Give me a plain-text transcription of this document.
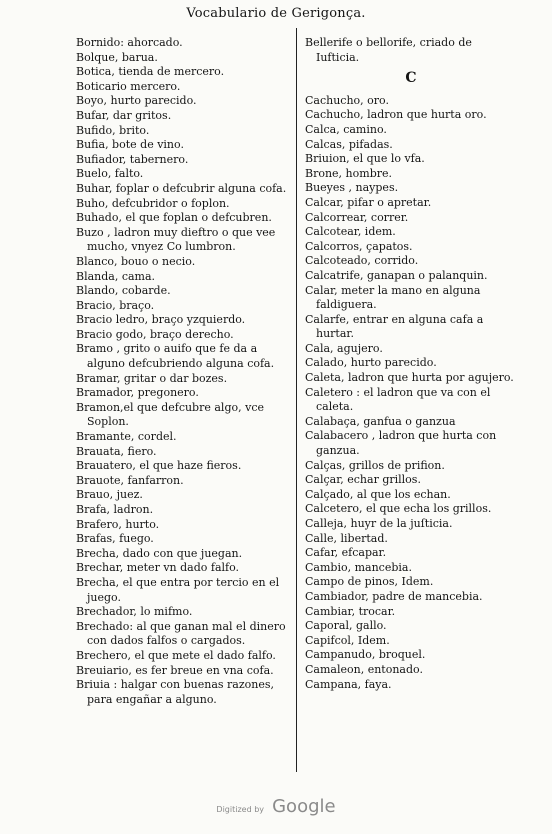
Vocabulario de Gerigonça.

Bornido: ahorcado.

Bolque, barua.

Botica, tienda de mercero.

Boticario mercero.

Boyo, hurto parecido.

Bufar, dar gritos.

Bufido, brito.

Bufia, bote de vino.

Bufiador, tabernero.

Buelo, falto.

Buhar, foplar o defcubrir alguna cofa.

Buho, defcubridor o foplon.

Buhado, el que foplan o defcubren.

Buzo , ladron muy dieftro o que vee mucho, vnyez Co lumbron.

Blanco, bouo o necio.

Blanda, cama.

Blando, cobarde.

Bracio, braço.

Bracio ledro, braço yzquierdo.

Bracio godo, braço derecho.

Bramo , grito o auifo que fe da a alguno defcubriendo alguna cofa.

Bramar, gritar o dar bozes.

Bramador, pregonero.

Bramon,el que defcubre algo, vce Soplon.

Bramante, cordel.

Brauata, fiero.

Brauatero, el que haze fieros.

Brauote, fanfarron.

Brauo, juez.

Brafa, ladron.

Brafero, hurto.

Brafas, fuego.

Brecha, dado con que juegan.

Brechar, meter vn dado falfo.

Brecha, el que entra por tercio en el juego.

Brechador, lo mifmo.

Brechado: al que ganan mal el dinero con dados falfos o cargados.

Brechero, el que mete el dado falfo.

Breuiario, es fer breue en vna cofa.

Briuia : halgar con buenas razones, para engañar a alguno.

Bellerife o bellorife, criado de Iufticia.

C

Cachucho, oro.

Cachucho, ladron que hurta oro.

Calca, camino.

Calcas, pifadas.

Briuion, el que lo vfa.

Brone, hombre.

Bueyes , naypes.

Calcar, pifar o apretar.

Calcorrear, correr.

Calcotear, idem.

Calcorros, çapatos.

Calcoteado, corrido.

Calcatrife, ganapan o palanquin.

Calar, meter la mano en alguna faldiguera.

Calarfe, entrar en alguna cafa a hurtar.

Cala, agujero.

Calado, hurto parecido.

Caleta, ladron que hurta por agujero.

Caletero : el ladron que va con el caleta.

Calabaça, ganfua o ganzua

Calabacero , ladron que hurta con ganzua.

Calças, grillos de prifion.

Calçar, echar grillos.

Calçado, al que los echan.

Calcetero, el que echa los grillos.

Calleja, huyr de la juſticia.

Calle, libertad.

Cafar, efcapar.

Cambio, mancebia.

Campo de pinos, Idem.

Cambiador, padre de mancebia.

Cambiar, trocar.

Caporal, gallo.

Capifcol, Idem.

Campanudo, broquel.

Camaleon, entonado.

Campana, faya.

Digitized by Google
